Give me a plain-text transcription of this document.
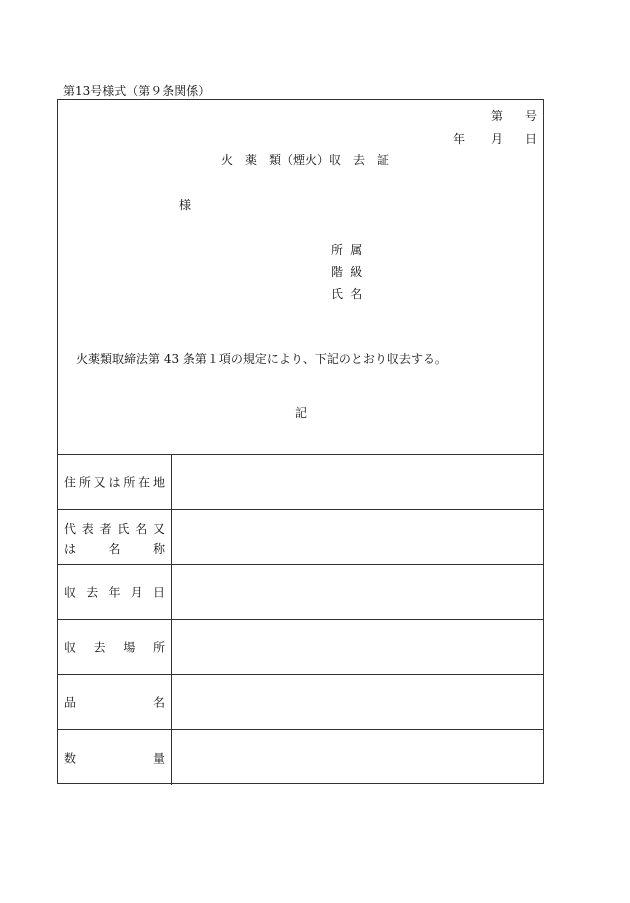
第13号様式（第９条関係）
第 号
年 月 日
火　薬　類（煙火）収　去　証
様
所属
階級
氏名
火薬類取締法第 43 条第１項の規定により、下記のとおり収去する。
記
住 所 又 は 所 在 地
代 表 者 氏 名 又
は	名	称
収 去 年 月 日
収 去 場 所
品	名
数	量
